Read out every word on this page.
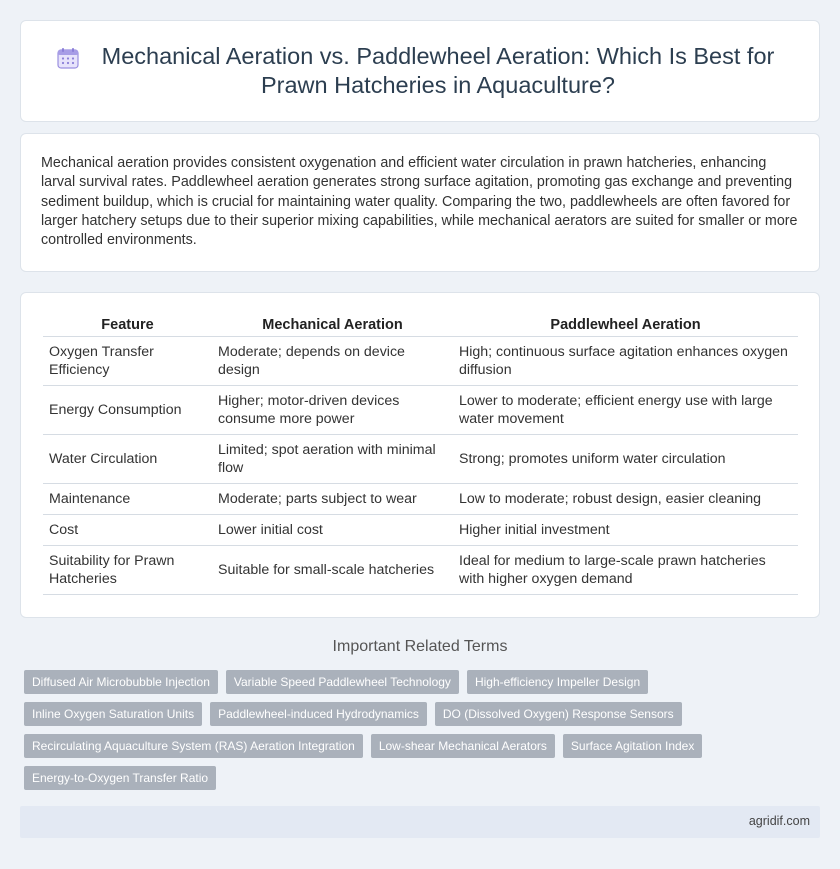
Mechanical Aeration vs. Paddlewheel Aeration: Which Is Best for Prawn Hatcheries in Aquaculture?

Mechanical aeration provides consistent oxygenation and efficient water circulation in prawn hatcheries, enhancing larval survival rates. Paddlewheel aeration generates strong surface agitation, promoting gas exchange and preventing sediment buildup, which is crucial for maintaining water quality. Comparing the two, paddlewheels are often favored for larger hatchery setups due to their superior mixing capabilities, while mechanical aerators are suited for smaller or more controlled environments.

Feature	Mechanical Aeration	Paddlewheel Aeration
Oxygen Transfer Efficiency	Moderate; depends on device design	High; continuous surface agitation enhances oxygen diffusion
Energy Consumption	Higher; motor-driven devices consume more power	Lower to moderate; efficient energy use with large water movement
Water Circulation	Limited; spot aeration with minimal flow	Strong; promotes uniform water circulation
Maintenance	Moderate; parts subject to wear	Low to moderate; robust design, easier cleaning
Cost	Lower initial cost	Higher initial investment
Suitability for Prawn Hatcheries	Suitable for small-scale hatcheries	Ideal for medium to large-scale prawn hatcheries with higher oxygen demand
Important Related Terms
Diffused Air Microbubble Injection	Variable Speed Paddlewheel Technology	High-efficiency Impeller Design
Inline Oxygen Saturation Units	Paddlewheel-induced Hydrodynamics	DO (Dissolved Oxygen) Response Sensors
Recirculating Aquaculture System (RAS) Aeration Integration	Low-shear Mechanical Aerators	Surface Agitation Index
Energy-to-Oxygen Transfer Ratio
agridif.com
